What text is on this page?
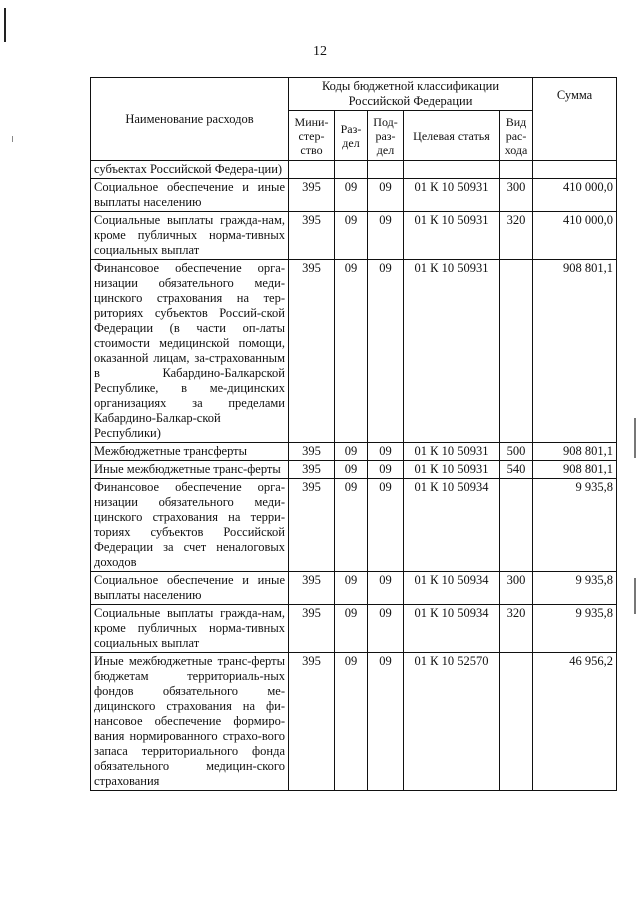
12
Наименование расходов	Коды бюджетной классификации Российской Федерации					Сумма
	Мини-стер-ство	Раз-дел	Под-раз-дел	Целевая статья	Вид рас-хода	
субъектах Российской Федера-ции)						
Социальное обеспечение и иные выплаты населению	395	09	09	01 К 10 50931	300	410 000,0
Социальные выплаты гражда-нам, кроме публичных норма-тивных социальных выплат	395	09	09	01 К 10 50931	320	410 000,0
Финансовое обеспечение орга-низации обязательного меди-цинского страхования на тер-риториях субъектов Россий-ской Федерации (в части оп-латы стоимости медицинской помощи, оказанной лицам, за-страхованным в Кабардино-Балкарской Республике, в ме-дицинских организациях за пределами Кабардино-Балкар-ской Республики)	395	09	09	01 К 10 50931		908 801,1
Межбюджетные трансферты	395	09	09	01 К 10 50931	500	908 801,1
Иные межбюджетные транс-ферты	395	09	09	01 К 10 50931	540	908 801,1
Финансовое обеспечение орга-низации обязательного меди-цинского страхования на терри-ториях субъектов Российской Федерации за счет неналоговых доходов	395	09	09	01 К 10 50934		9 935,8
Социальное обеспечение и иные выплаты населению	395	09	09	01 К 10 50934	300	9 935,8
Социальные выплаты гражда-нам, кроме публичных норма-тивных социальных выплат	395	09	09	01 К 10 50934	320	9 935,8
Иные межбюджетные транс-ферты бюджетам территориаль-ных фондов обязательного ме-дицинского страхования на фи-нансовое обеспечение формиро-вания нормированного страхо-вого запаса территориального фонда обязательного медицин-ского страхования	395	09	09	01 К 10 52570		46 956,2
